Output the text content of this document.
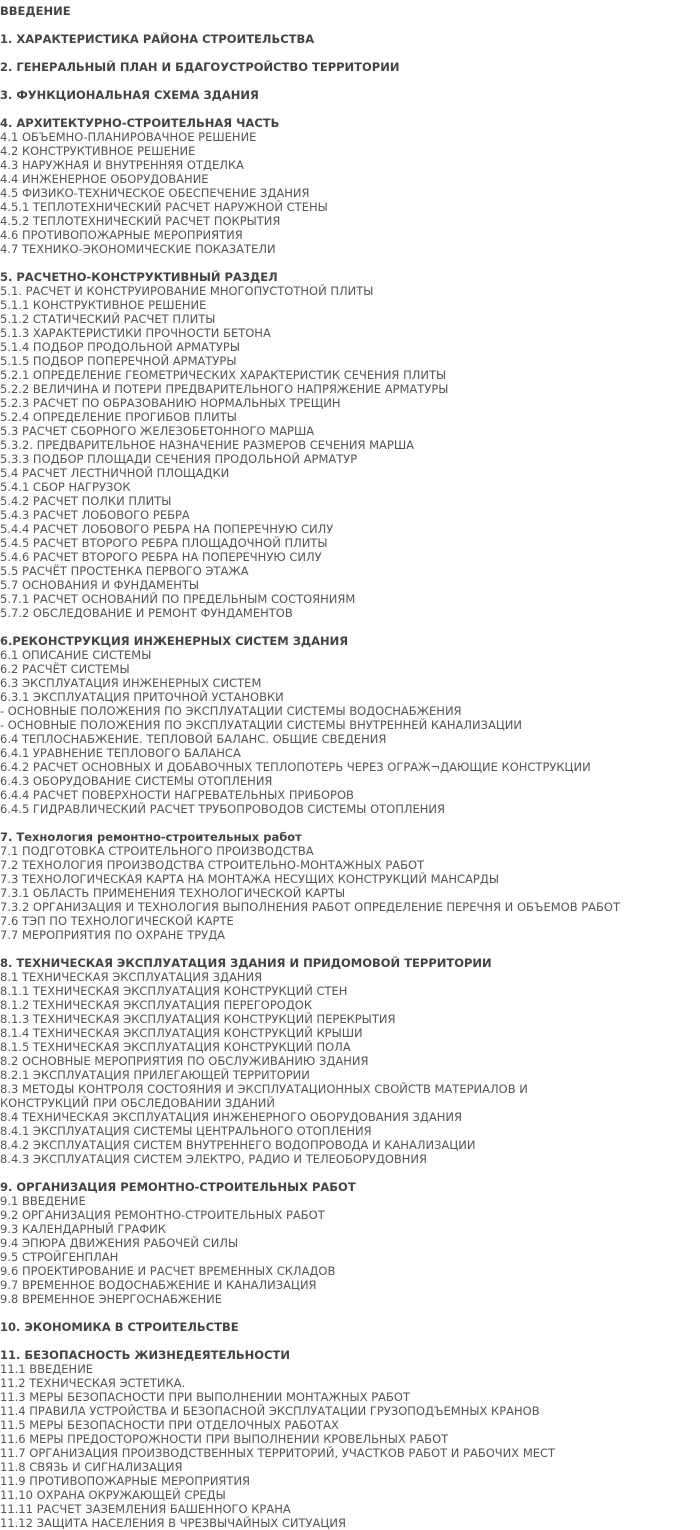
ВВЕДЕНИЕ
1. ХАРАКТЕРИСТИКА РАЙОНА СТРОИТЕЛЬСТВА
2. ГЕНЕРАЛЬНЫЙ ПЛАН И БДАГОУСТРОЙСТВО ТЕРРИТОРИИ
3. ФУНКЦИОНАЛЬНАЯ СХЕМА ЗДАНИЯ
4. АРХИТЕКТУРНО-СТРОИТЕЛЬНАЯ ЧАСТЬ
4.1 ОБЪЕМНО-ПЛАНИРОВАЧНОЕ РЕШЕНИЕ
4.2 КОНСТРУКТИВНОЕ РЕШЕНИЕ
4.3 НАРУЖНАЯ И ВНУТРЕННЯЯ ОТДЕЛКА
4.4 ИНЖЕНЕРНОЕ ОБОРУДОВАНИЕ
4.5 ФИЗИКО-ТЕХНИЧЕСКОЕ ОБЕСПЕЧЕНИЕ ЗДАНИЯ
4.5.1 ТЕПЛОТЕХНИЧЕСКИЙ РАСЧЕТ НАРУЖНОЙ СТЕНЫ
4.5.2 ТЕПЛОТЕХНИЧЕСКИЙ РАСЧЕТ ПОКРЫТИЯ
4.6 ПРОТИВОПОЖАРНЫЕ МЕРОПРИЯТИЯ
4.7 ТЕХНИКО-ЭКОНОМИЧЕСКИЕ ПОКАЗАТЕЛИ
5. РАСЧЕТНО-КОНСТРУКТИВНЫЙ РАЗДЕЛ
5.1. РАСЧЕТ И КОНСТРУИРОВАНИЕ МНОГОПУСТОТНОЙ ПЛИТЫ
5.1.1 КОНСТРУКТИВНОЕ РЕШЕНИЕ
5.1.2 СТАТИЧЕСКИЙ РАСЧЕТ ПЛИТЫ
5.1.3 ХАРАКТЕРИСТИКИ ПРОЧНОСТИ БЕТОНА
5.1.4 ПОДБОР ПРОДОЛЬНОЙ АРМАТУРЫ
5.1.5 ПОДБОР ПОПЕРЕЧНОЙ АРМАТУРЫ
5.2.1 ОПРЕДЕЛЕНИЕ ГЕОМЕТРИЧЕСКИХ ХАРАКТЕРИСТИК СЕЧЕНИЯ ПЛИТЫ
5.2.2 ВЕЛИЧИНА И ПОТЕРИ ПРЕДВАРИТЕЛЬНОГО НАПРЯЖЕНИЕ АРМАТУРЫ
5.2.3 РАСЧЕТ ПО ОБРАЗОВАНИЮ НОРМАЛЬНЫХ ТРЕЩИН
5.2.4 ОПРЕДЕЛЕНИЕ ПРОГИБОВ ПЛИТЫ
5.3 РАСЧЕТ СБОРНОГО ЖЕЛЕЗОБЕТОННОГО МАРША
5.3.2. ПРЕДВАРИТЕЛЬНОЕ НАЗНАЧЕНИЕ РАЗМЕРОВ СЕЧЕНИЯ МАРША
5.3.3 ПОДБОР ПЛОЩАДИ СЕЧЕНИЯ ПРОДОЛЬНОЙ АРМАТУР
5.4 РАСЧЕТ ЛЕСТНИЧНОЙ ПЛОЩАДКИ
5.4.1 СБОР НАГРУЗОК
5.4.2 РАСЧЕТ ПОЛКИ ПЛИТЫ
5.4.3 РАСЧЕТ ЛОБОВОГО РЕБРА
5.4.4 РАСЧЕТ ЛОБОВОГО РЕБРА НА ПОПЕРЕЧНУЮ СИЛУ
5.4.5 РАСЧЕТ ВТОРОГО РЕБРА ПЛОЩАДОЧНОЙ ПЛИТЫ
5.4.6 РАСЧЕТ ВТОРОГО РЕБРА НА ПОПЕРЕЧНУЮ СИЛУ
5.5 РАСЧЁТ ПРОСТЕНКА ПЕРВОГО ЭТАЖА
5.7 ОСНОВАНИЯ И ФУНДАМЕНТЫ
5.7.1 РАСЧЕТ ОСНОВАНИЙ ПО ПРЕДЕЛЬНЫМ СОСТОЯНИЯМ
5.7.2 ОБСЛЕДОВАНИЕ И РЕМОНТ ФУНДАМЕНТОВ
6.РЕКОНСТРУКЦИЯ ИНЖЕНЕРНЫХ СИСТЕМ ЗДАНИЯ
6.1 ОПИСАНИЕ СИСТЕМЫ
6.2 РАСЧЁТ СИСТЕМЫ
6.3 ЭКСПЛУАТАЦИЯ ИНЖЕНЕРНЫХ СИСТЕМ
6.3.1 ЭКСПЛУАТАЦИЯ ПРИТОЧНОЙ УСТАНОВКИ
- ОСНОВНЫЕ ПОЛОЖЕНИЯ ПО ЭКСПЛУАТАЦИИ СИСТЕМЫ ВОДОСНАБЖЕНИЯ
- ОСНОВНЫЕ ПОЛОЖЕНИЯ ПО ЭКСПЛУАТАЦИИ СИСТЕМЫ ВНУТРЕННЕЙ КАНАЛИЗАЦИИ
6.4 ТЕПЛОСНАБЖЕНИЕ. ТЕПЛОВОЙ БАЛАНС. ОБЩИЕ СВЕДЕНИЯ
6.4.1 УРАВНЕНИЕ ТЕПЛОВОГО БАЛАНСА
6.4.2 РАСЧЕТ ОСНОВНЫХ И ДОБАВОЧНЫХ ТЕПЛОПОТЕРЬ ЧЕРЕЗ ОГРАЖ¬ДАЮЩИЕ КОНСТРУКЦИИ
6.4.3 ОБОРУДОВАНИЕ СИСТЕМЫ ОТОПЛЕНИЯ
6.4.4 РАСЧЕТ ПОВЕРХНОСТИ НАГРЕВАТЕЛЬНЫХ ПРИБОРОВ
6.4.5 ГИДРАВЛИЧЕСКИЙ РАСЧЕТ ТРУБОПРОВОДОВ СИСТЕМЫ ОТОПЛЕНИЯ
7. Технология ремонтно-строительных работ
7.1 ПОДГОТОВКА СТРОИТЕЛЬНОГО ПРОИЗВОДСТВА
7.2 ТЕХНОЛОГИЯ ПРОИЗВОДСТВА СТРОИТЕЛЬНО-МОНТАЖНЫХ РАБОТ
7.3 ТЕХНОЛОГИЧЕСКАЯ КАРТА НА МОНТАЖА НЕСУЩИХ КОНСТРУКЦИЙ МАНСАРДЫ
7.3.1 ОБЛАСТЬ ПРИМЕНЕНИЯ ТЕХНОЛОГИЧЕСКОЙ КАРТЫ
7.3.2 ОРГАНИЗАЦИЯ И ТЕХНОЛОГИЯ ВЫПОЛНЕНИЯ РАБОТ ОПРЕДЕЛЕНИЕ ПЕРЕЧНЯ И ОБЪЕМОВ РАБОТ
7.6 ТЭП ПО ТЕХНОЛОГИЧЕСКОЙ КАРТЕ
7.7 МЕРОПРИЯТИЯ ПО ОХРАНЕ ТРУДА
8. ТЕХНИЧЕСКАЯ ЭКСПЛУАТАЦИЯ ЗДАНИЯ И ПРИДОМОВОЙ ТЕРРИТОРИИ
8.1 ТЕХНИЧЕСКАЯ ЭКСПЛУАТАЦИЯ ЗДАНИЯ
8.1.1 ТЕХНИЧЕСКАЯ ЭКСПЛУАТАЦИЯ КОНСТРУКЦИЙ СТЕН
8.1.2 ТЕХНИЧЕСКАЯ ЭКСПЛУАТАЦИЯ ПЕРЕГОРОДОК
8.1.3 ТЕХНИЧЕСКАЯ ЭКСПЛУАТАЦИЯ КОНСТРУКЦИЙ ПЕРЕКРЫТИЯ
8.1.4 ТЕХНИЧЕСКАЯ ЭКСПЛУАТАЦИЯ КОНСТРУКЦИЙ КРЫШИ
8.1.5 ТЕХНИЧЕСКАЯ ЭКСПЛУАТАЦИЯ КОНСТРУКЦИЙ ПОЛА
8.2 ОСНОВНЫЕ МЕРОПРИЯТИЯ ПО ОБСЛУЖИВАНИЮ ЗДАНИЯ
8.2.1 ЭКСПЛУАТАЦИЯ ПРИЛЕГАЮЩЕЙ ТЕРРИТОРИИ
8.3 МЕТОДЫ КОНТРОЛЯ СОСТОЯНИЯ И ЭКСПЛУАТАЦИОННЫХ СВОЙСТВ МАТЕРИАЛОВ И КОНСТРУКЦИЙ ПРИ ОБСЛЕДОВАНИИ ЗДАНИЙ
8.4 ТЕХНИЧЕСКАЯ ЭКСПЛУАТАЦИЯ ИНЖЕНЕРНОГО ОБОРУДОВАНИЯ ЗДАНИЯ
8.4.1 ЭКСПЛУАТАЦИЯ СИСТЕМЫ ЦЕНТРАЛЬНОГО ОТОПЛЕНИЯ
8.4.2 ЭКСПЛУАТАЦИЯ СИСТЕМ ВНУТРЕННЕГО ВОДОПРОВОДА И КАНАЛИЗАЦИИ
8.4.3 ЭКСПЛУАТАЦИЯ СИСТЕМ ЭЛЕКТРО, РАДИО И ТЕЛЕОБОРУДОВНИЯ
9. ОРГАНИЗАЦИЯ РЕМОНТНО-СТРОИТЕЛЬНЫХ РАБОТ
9.1 ВВЕДЕНИЕ
9.2 ОРГАНИЗАЦИЯ РЕМОНТНО-СТРОИТЕЛЬНЫХ РАБОТ
9.3 КАЛЕНДАРНЫЙ ГРАФИК
9.4 ЭПЮРА ДВИЖЕНИЯ РАБОЧЕЙ СИЛЫ
9.5 СТРОЙГЕНПЛАН
9.6 ПРОЕКТИРОВАНИЕ И РАСЧЕТ ВРЕМЕННЫХ СКЛАДОВ
9.7 ВРЕМЕННОЕ ВОДОСНАБЖЕНИЕ И КАНАЛИЗАЦИЯ
9.8 ВРЕМЕННОЕ ЭНЕРГОСНАБЖЕНИЕ
10. ЭКОНОМИКА В СТРОИТЕЛЬСТВЕ
11. БЕЗОПАСНОСТЬ ЖИЗНЕДЕЯТЕЛЬНОСТИ
11.1 ВВЕДЕНИЕ
11.2 ТЕХНИЧЕСКАЯ ЭСТЕТИКА.
11.3 МЕРЫ БЕЗОПАСНОСТИ ПРИ ВЫПОЛНЕНИИ МОНТАЖНЫХ РАБОТ
11.4 ПРАВИЛА УСТРОЙСТВА И БЕЗОПАСНОЙ ЭКСПЛУАТАЦИИ ГРУЗОПОДЪЕМНЫХ КРАНОВ
11.5 МЕРЫ БЕЗОПАСНОСТИ ПРИ ОТДЕЛОЧНЫХ РАБОТАХ
11.6 МЕРЫ ПРЕДОСТОРОЖНОСТИ ПРИ ВЫПОЛНЕНИИ КРОВЕЛЬНЫХ РАБОТ
11.7 ОРГАНИЗАЦИЯ ПРОИЗВОДСТВЕННЫХ ТЕРРИТОРИЙ, УЧАСТКОВ РАБОТ И РАБОЧИХ МЕСТ
11.8 СВЯЗЬ И СИГНАЛИЗАЦИЯ
11.9 ПРОТИВОПОЖАРНЫЕ МЕРОПРИЯТИЯ
11.10 ОХРАНА ОКРУЖАЮЩЕЙ СРЕДЫ
11.11 РАСЧЕТ ЗАЗЕМЛЕНИЯ БАШЕННОГО КРАНА
11.12 ЗАЩИТА НАСЕЛЕНИЯ В ЧРЕЗВЫЧАЙНЫХ СИТУАЦИЯ
